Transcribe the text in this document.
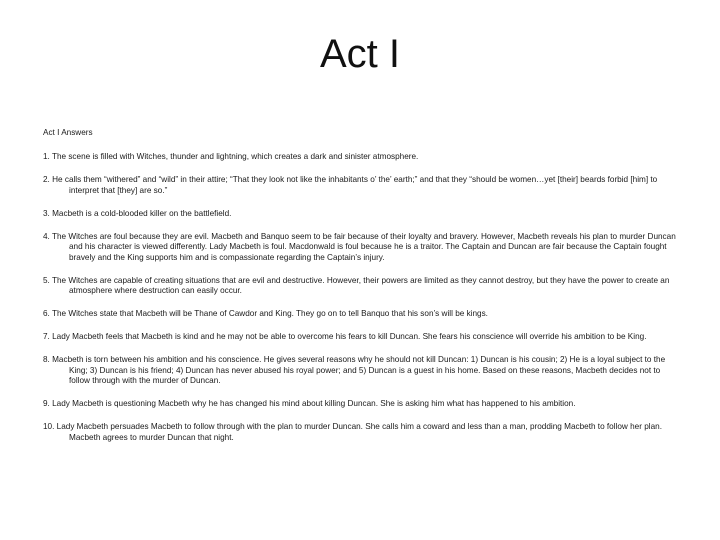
Act I

Act I Answers

1. The scene is filled with Witches, thunder and lightning, which creates a dark and sinister atmosphere.
2. He calls them “withered” and “wild” in their attire; “That they look not like the inhabitants o’ the’ earth;” and that they “should be women…yet [their] beards forbid [him] to interpret that [they] are so.”
3. Macbeth is a cold-blooded killer on the battlefield.
4. The Witches are foul because they are evil. Macbeth and Banquo seem to be fair because of their loyalty and bravery. However, Macbeth reveals his plan to murder Duncan and his character is viewed differently. Lady Macbeth is foul. Macdonwald is foul because he is a traitor. The Captain and Duncan are fair because the Captain fought bravely and the King supports him and is compassionate regarding the Captain’s injury.
5. The Witches are capable of creating situations that are evil and destructive. However, their powers are limited as they cannot destroy, but they have the power to create an atmosphere where destruction can easily occur.
6. The Witches state that Macbeth will be Thane of Cawdor and King. They go on to tell Banquo that his son’s will be kings.
7. Lady Macbeth feels that Macbeth is kind and he may not be able to overcome his fears to kill Duncan. She fears his conscience will override his ambition to be King.
8. Macbeth is torn between his ambition and his conscience. He gives several reasons why he should not kill Duncan: 1) Duncan is his cousin; 2) He is a loyal subject to the King; 3) Duncan is his friend; 4) Duncan has never abused his royal power; and 5) Duncan is a guest in his home. Based on these reasons, Macbeth decides not to follow through with the murder of Duncan.
9. Lady Macbeth is questioning Macbeth why he has changed his mind about killing Duncan. She is asking him what has happened to his ambition.
10. Lady Macbeth persuades Macbeth to follow through with the plan to murder Duncan. She calls him a coward and less than a man, prodding Macbeth to follow her plan. Macbeth agrees to murder Duncan that night.
